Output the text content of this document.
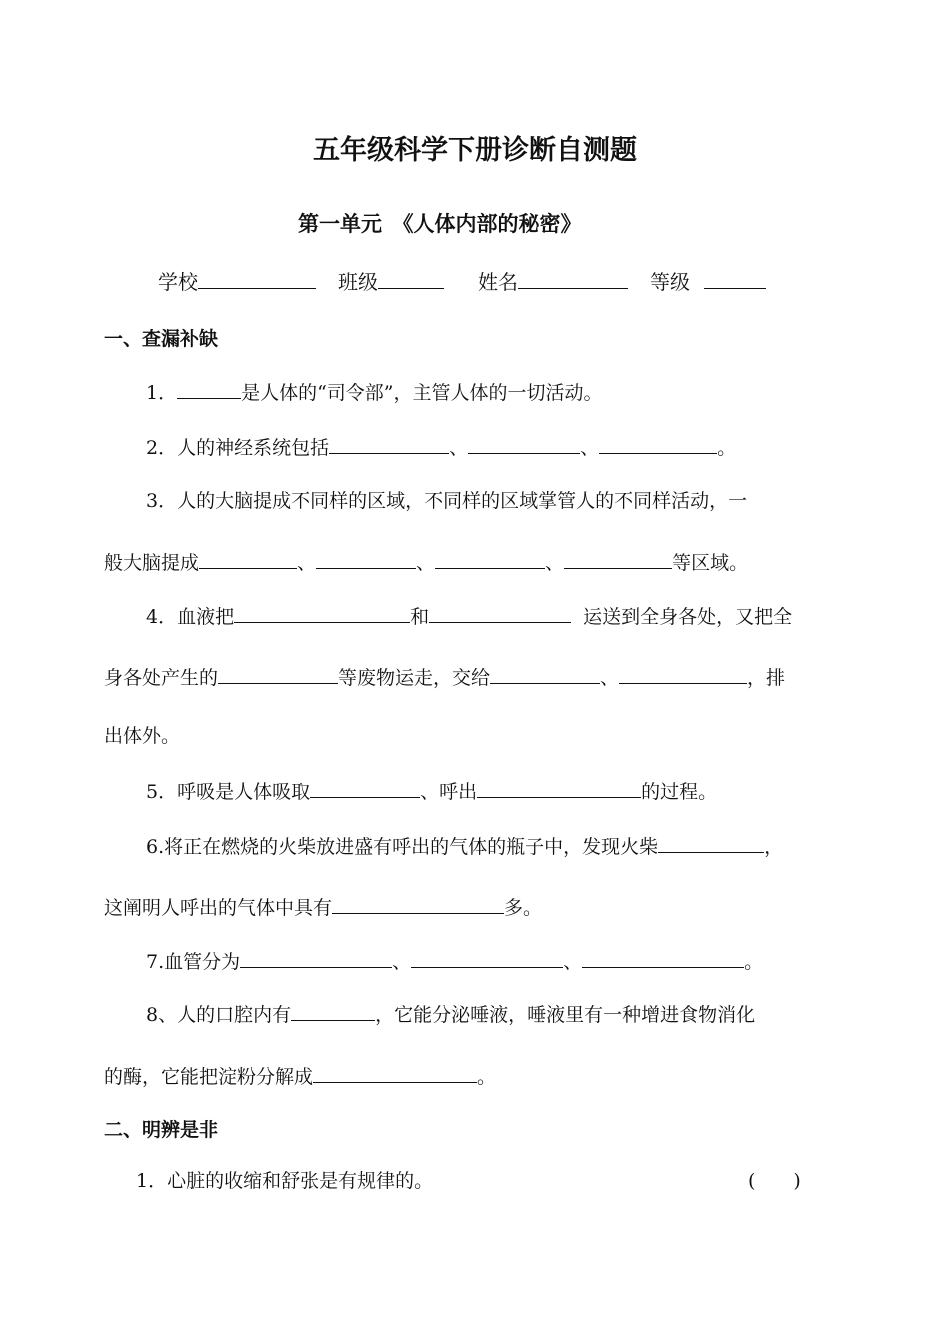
五年级科学下册诊断自测题
第一单元　《人体内部的秘密》
学校	班级	姓名	等级
一、查漏补缺
1．	是人体的“司令部”，主管人体的一切活动。
2． 人的神经系统包括	、	、	。
3．人的大脑提成不同样的区域，不同样的区域掌管人的不同样活动，一
般大脑提成	、	、	、	等区域。
4．血液把	和	运送到全身各处，又把全
身各处产生的	等废物运走，交给	、	，排
出体外。
5．呼吸是人体吸取	、呼出	的过程。
6.将正在燃烧的火柴放进盛有呼出的气体的瓶子中，发现火柴	，
这阐明人呼出的气体中具有	多。
7.血管分为	、	、	。
8、人的口腔内有	，它能分泌唾液，唾液里有一种增进食物消化
的酶，它能把淀粉分解成	。
二、明辨是非
1．心脏的收缩和舒张是有规律的。	(　　)
